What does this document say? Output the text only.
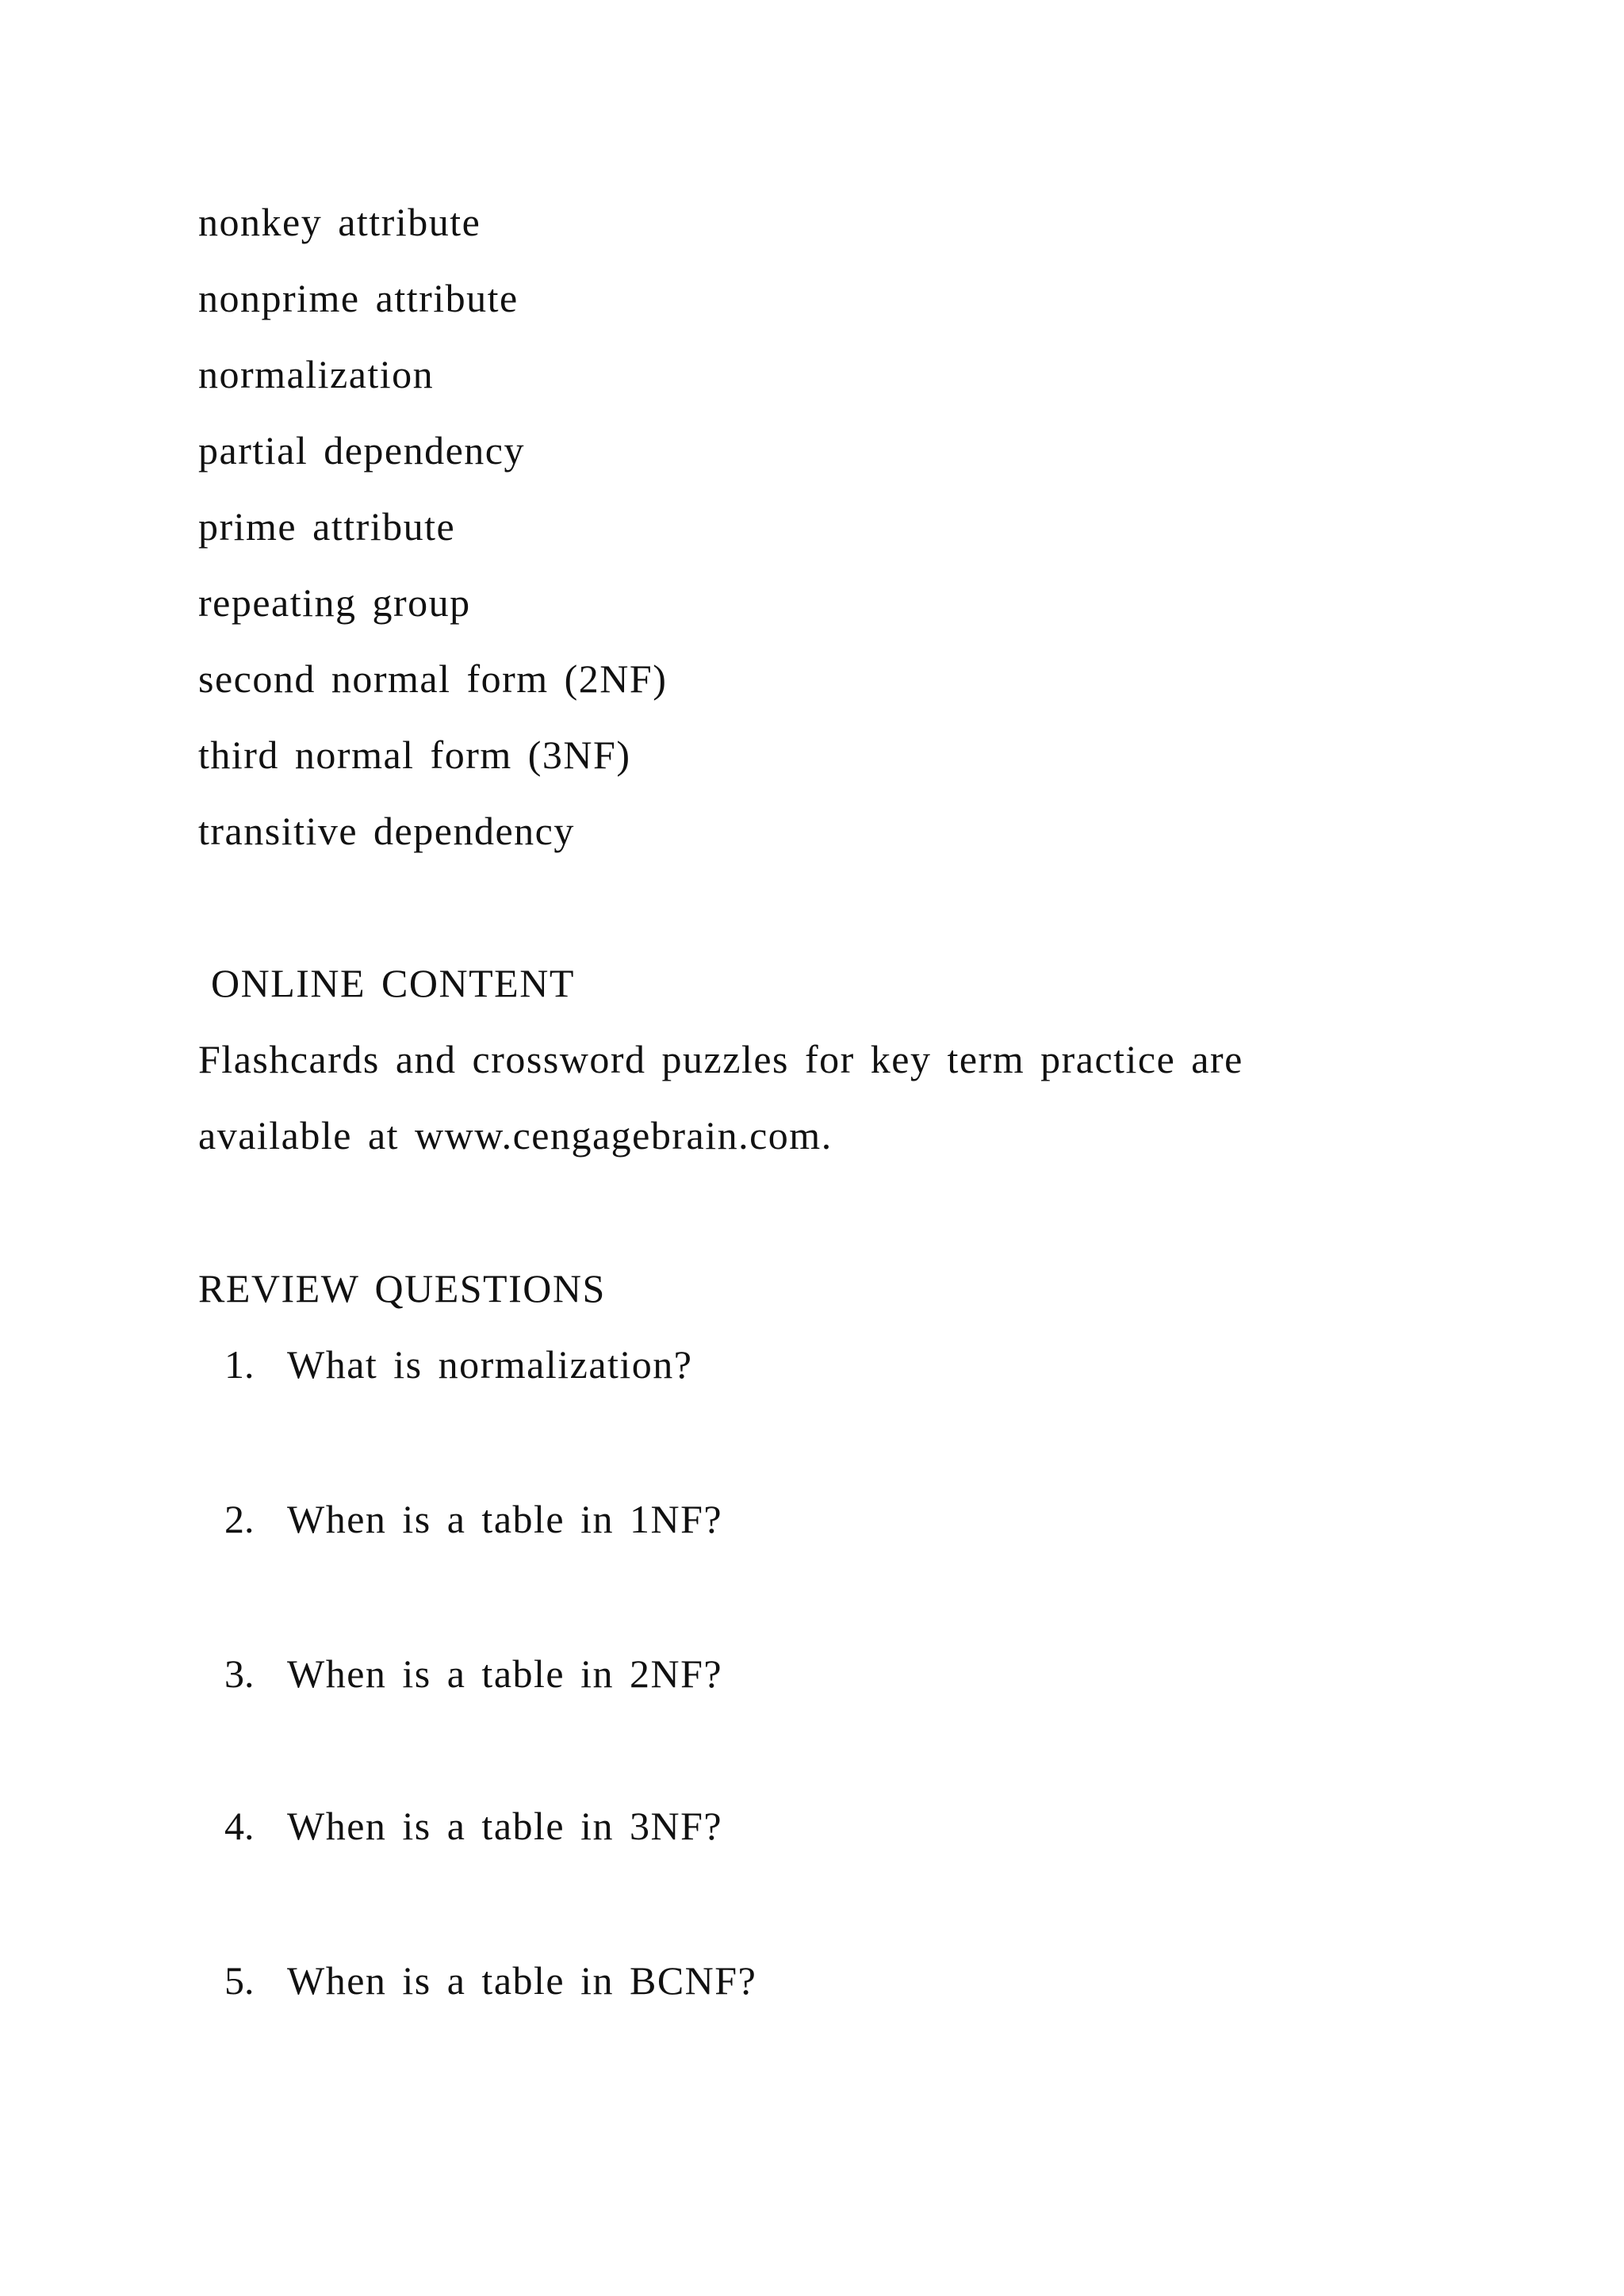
nonkey attribute
nonprime attribute
normalization
partial dependency
prime attribute
repeating group
second normal form (2NF)
third normal form (3NF)
transitive dependency
ONLINE CONTENT
Flashcards and crossword puzzles for key term practice are
available at www.cengagebrain.com.
REVIEW QUESTIONS
1. What is normalization?
2. When is a table in 1NF?
3. When is a table in 2NF?
4. When is a table in 3NF?
5. When is a table in BCNF?
